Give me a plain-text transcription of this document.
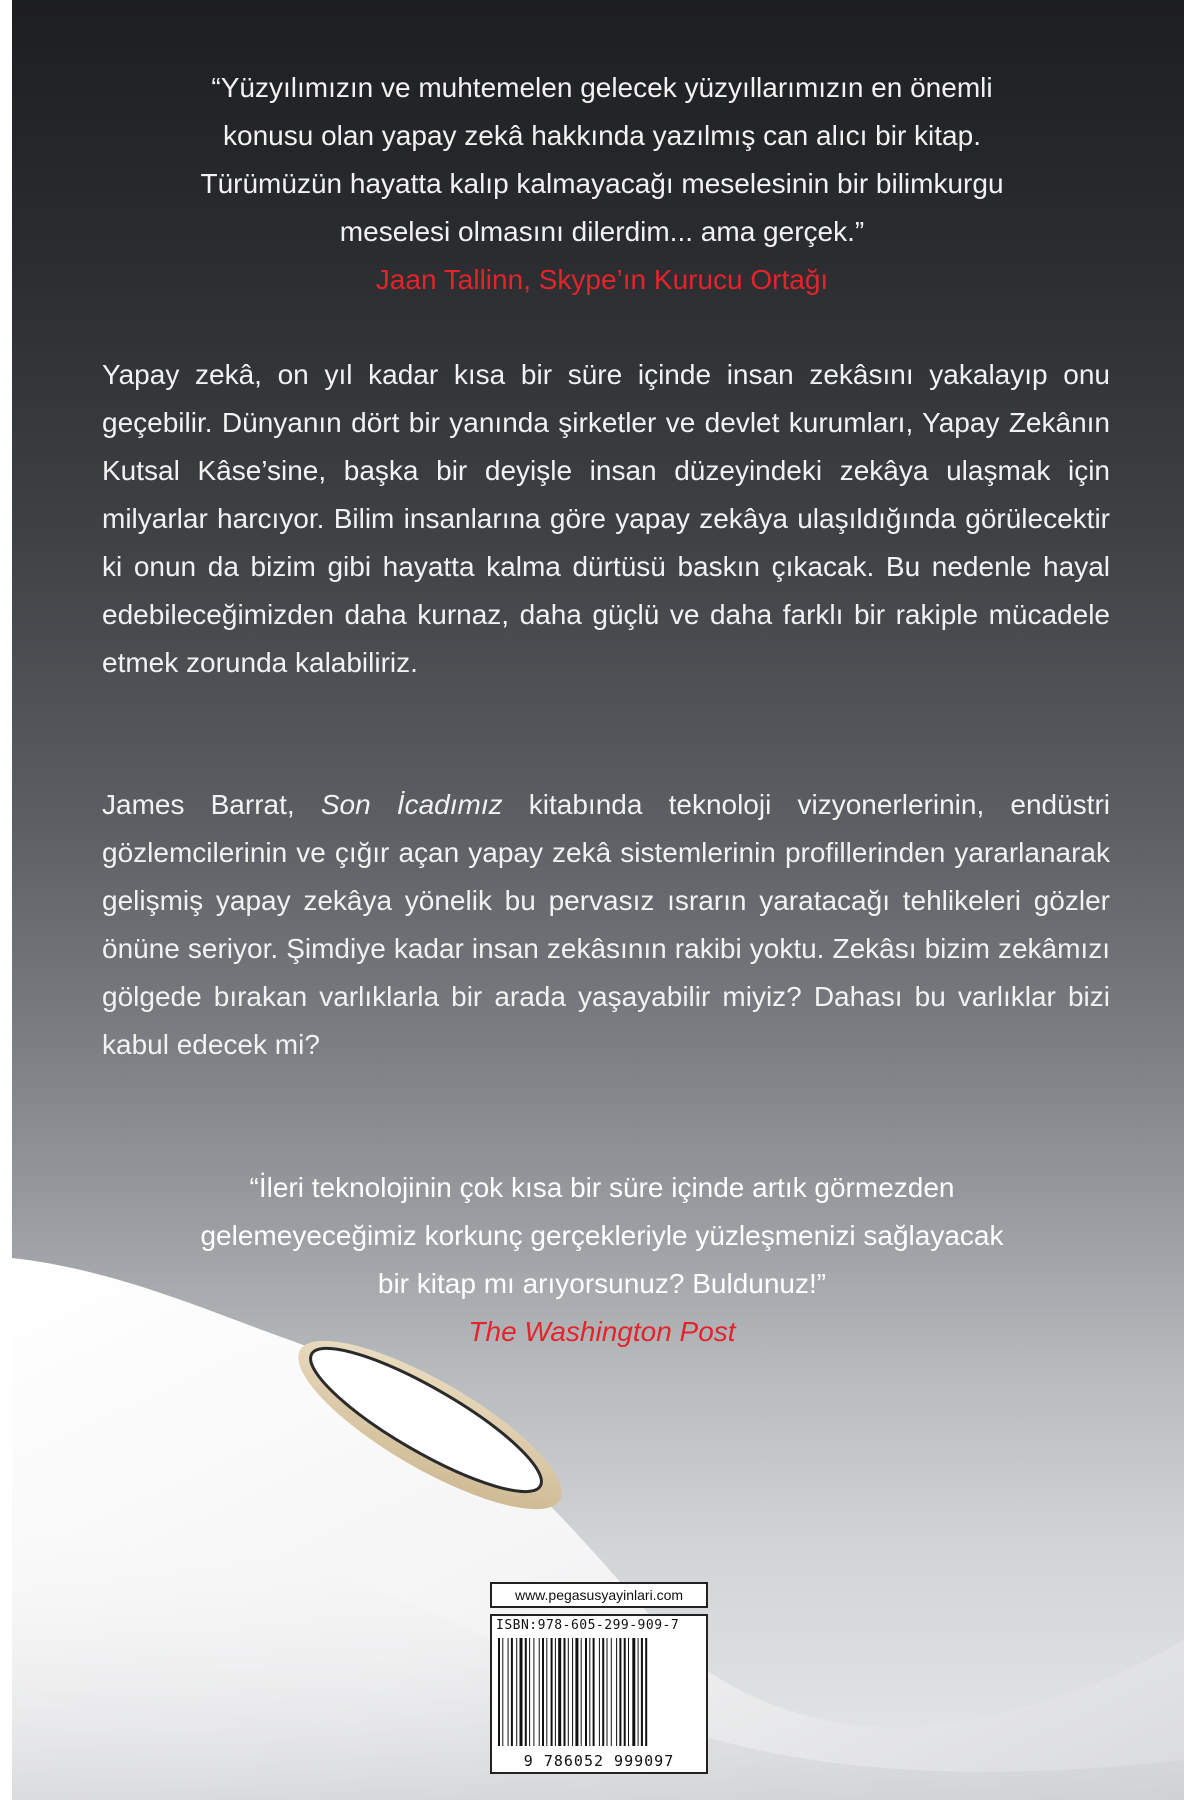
“Yüzyılımızın ve muhtemelen gelecek yüzyıllarımızın en önemli
konusu olan yapay zekâ hakkında yazılmış can alıcı bir kitap.
Türümüzün hayatta kalıp kalmayacağı meselesinin bir bilimkurgu
meselesi olmasını dilerdim... ama gerçek.”
Jaan Tallinn, Skype’ın Kurucu Ortağı

Yapay zekâ, on yıl kadar kısa bir süre içinde insan zekâsını yakalayıp onu geçebilir. Dünyanın dört bir yanında şirketler ve devlet kurumları, Yapay Zekânın Kutsal Kâse’sine, başka bir deyişle insan düzeyindeki zekâya ulaşmak için milyarlar harcıyor. Bilim insanlarına göre yapay zekâya ulaşıldığında görülecektir ki onun da bizim gibi hayatta kalma dürtüsü baskın çıkacak. Bu nedenle hayal edebileceğimizden daha kurnaz, daha güçlü ve daha farklı bir rakiple mücadele etmek zorunda kalabiliriz.

James Barrat, Son İcadımız kitabında teknoloji vizyonerlerinin, endüstri gözlemcilerinin ve çığır açan yapay zekâ sistemlerinin profillerinden yararlanarak gelişmiş yapay zekâya yönelik bu pervasız ısrarın yaratacağı tehlikeleri gözler önüne seriyor. Şimdiye kadar insan zekâsının rakibi yoktu. Zekâsı bizim zekâmızı gölgede bırakan varlıklarla bir arada yaşayabilir miyiz? Dahası bu varlıklar bizi kabul edecek mi?

“İleri teknolojinin çok kısa bir süre içinde artık görmezden
gelemeyeceğimiz korkunç gerçekleriyle yüzleşmenizi sağlayacak
bir kitap mı arıyorsunuz? Buldunuz!”
The Washington Post
www.pegasusyayinlari.com
ISBN:978-605-299-909-7
9 786052 999097
